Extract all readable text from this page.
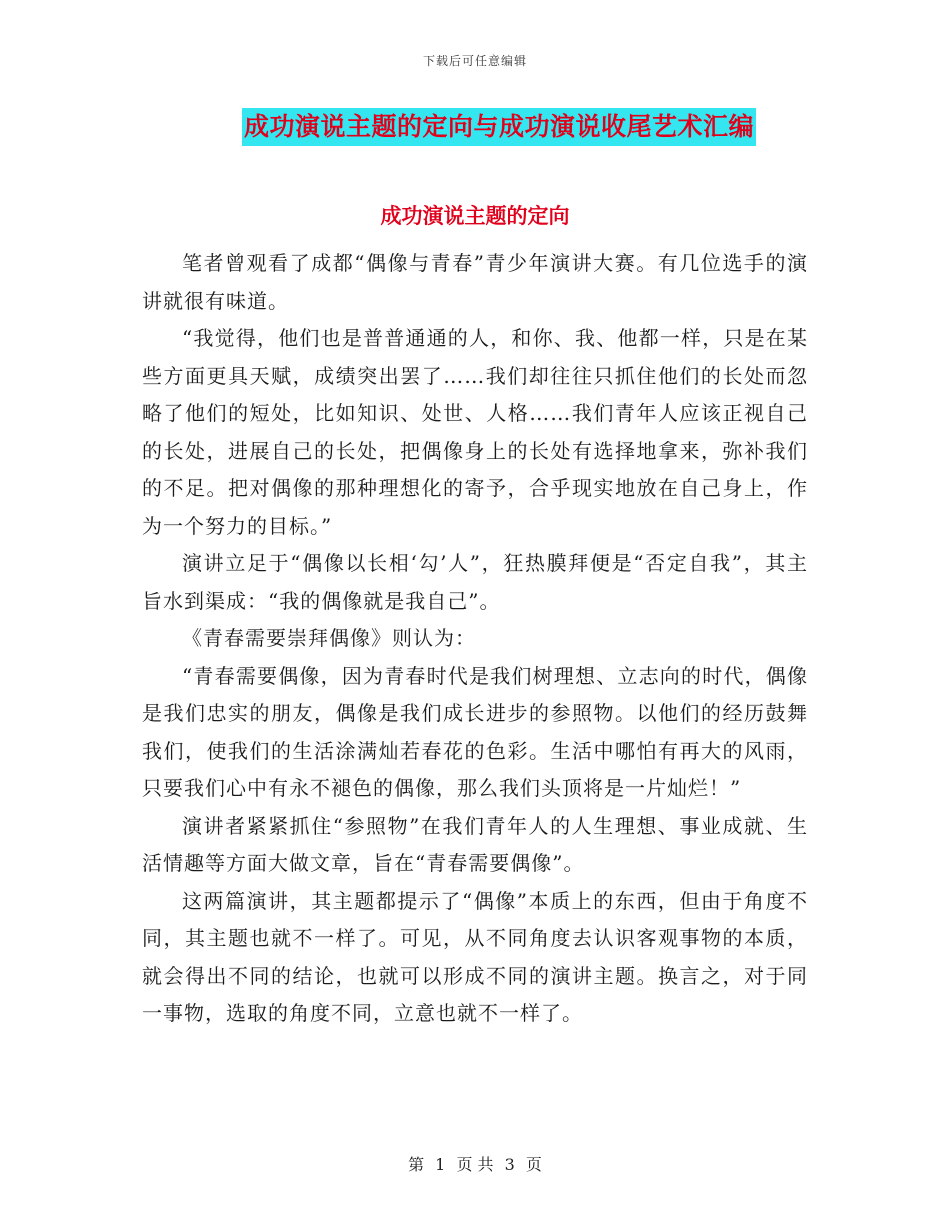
下载后可任意编辑
成功演说主题的定向与成功演说收尾艺术汇编
成功演说主题的定向

笔者曾观看了成都“偶像与青春”青少年演讲大赛。有几位选手的演讲就很有味道。

“我觉得，他们也是普普通通的人，和你、我、他都一样，只是在某些方面更具天赋，成绩突出罢了……我们却往往只抓住他们的长处而忽略了他们的短处，比如知识、处世、人格……我们青年人应该正视自己的长处，进展自己的长处，把偶像身上的长处有选择地拿来，弥补我们的不足。把对偶像的那种理想化的寄予，合乎现实地放在自己身上，作为一个努力的目标。”

演讲立足于“偶像以长相‘勾’人”，狂热膜拜便是“否定自我”，其主旨水到渠成：“我的偶像就是我自己”。

《青春需要崇拜偶像》则认为：

“青春需要偶像，因为青春时代是我们树理想、立志向的时代，偶像是我们忠实的朋友，偶像是我们成长进步的参照物。以他们的经历鼓舞我们，使我们的生活涂满灿若春花的色彩。生活中哪怕有再大的风雨，只要我们心中有永不褪色的偶像，那么我们头顶将是一片灿烂！”

演讲者紧紧抓住“参照物”在我们青年人的人生理想、事业成就、生活情趣等方面大做文章，旨在“青春需要偶像”。

这两篇演讲，其主题都提示了“偶像”本质上的东西，但由于角度不同，其主题也就不一样了。可见，从不同角度去认识客观事物的本质，就会得出不同的结论，也就可以形成不同的演讲主题。换言之，对于同一事物，选取的角度不同，立意也就不一样了。

第 1 页 共 3 页
